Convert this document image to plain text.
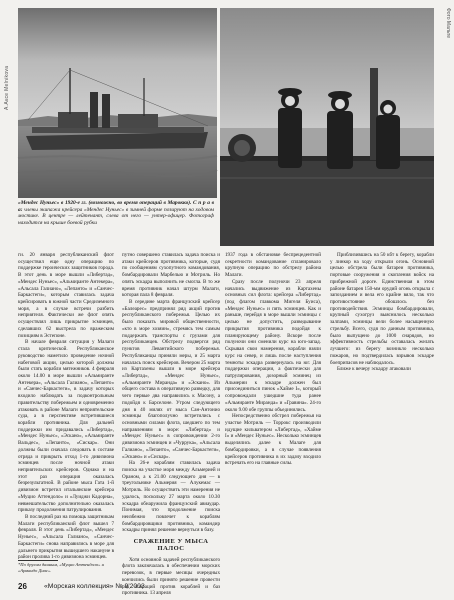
А.Аксе Melnikova
Фото Мальте
«Мендес Нуньес» в 1920-е гг. (возможно, во время операций в Марокко). С п р а в а: члены экипажа крейсера «Мендес Нуньес» в зимней форме позируют на ходовом мостике. В центре — лейтенант, слева от него — унтер-офицер. Фотограф находится на крыше боевой рубки

ги. 20 января республиканский флот осуществил еще одну операцию по поддержке героических защитников города. В этот день в море вышли «Либертад», «Мендес Нуньес», «Альмиранте Антекера», «Альсала Галиано», «Лепанто» и «Санчес-Баркастеги», которым ставилась задача крейсировать в южной части Средиземного моря, а в случае встречи разбить неприятеля. Фактически же флот опять осуществлял лишь прикрытие эсминцев, сделавших 62 выстрела по вражеским позициям в Эстепоне.

В начале февраля ситуация у Малаги стала критической. Республиканское руководство наметило проведение ночной набеговой акции, целью которой должны были стать корабли мятежников. 4 февраля около 14.00 в море вышли «Альмиранте Антекера», «Альсала Галиано», «Лепанто» и «Санчес-Баркастеги», в задачу которых входило наблюдать за подконтрольным правительству побережьем и одновременно атаковать в районе Малаги неприятельские суда, а в перспективе встретившиеся корабли противника. Для дальней поддержки им придавались «Либертад», «Мендес Нуньес», «Эскано», «Альмиранте Вальдес», «Лепанто», «Сискар». Они должны были сначала следовать в составе отряда и прикрыть отход 1-го дивизиона эсминцев после ночной атаки неприятельских крейсеров. Однако и на этот раз операция оказалась безрезультатной. В районе мыса Гата 1-й дивизион встретил итальянские крейсера «Муцио Аттендоло» и «Луиджи Кадорна», невмешательство дополнительно оказалась приказу продолжения патрулирования.

В последний раз на помощь защитникам Малаги республиканский флот вышел 7 февраля. В этот день «Либертад», «Мендес Нуньес», «Альсала Галиано», «Санчес-Баркастеги» снова направились в море для дальнего прикрытия вышедшего накануне в район пролива 1-го дивизиона эсминцев.

*По другим данным, «Муцио Аттендоло» и «Армандо Диас».

путно совершено ставилась задача поиска и атаки крейсеров противника, которые, судя по сообщениям сухопутного командования, бомбардировали Марбелью и Мотриль. Но опять эскадра выполнить не смогла. В то же время противник начал штурм Малаги, которая пала 8 февраля.

В середине марта французский крейсер «Балеарес» предпринял ряд акций против республиканского побережья. Целью их было показать мировой общественности, «кто в море хозяин», стремясь тем самым поддержать транспорты с грузами для республиканцев. Обстрелу подвергся ряд пунктов Левантийского побережья. Республиканцы приняли меры, и 25 марта началась поиск крейсеров. Вечером 25 марта из Картахены вышли в море крейсера «Либертад», «Мендес Нуньес», «Альмиранте Миранда» и «Эскано». Из общего состава в оперативную разведку, для чего первые два направились к Масону, а подойдя к Барселоне. Утром следующего дня в 40 милях от мыса Сан-Антонио эсминцы благополучно встретились с основными силами флота, шедшего по тем направлениям в море: «Либертад» и «Мендес Нуньес» в сопровождении 2-го дивизиона эсминцев и «Чуррука», «Альсала Галиано», «Лепанто», «Санчес-Баркастеги», «Эскано» и «Сискар».

На 26-е кораблям ставилась задача поиска на участке моря между Альмерией и Ораном, а к 21.00 следующего дня — в треугольнике Альмерия — Алукемас — Мотриль. Но осуществить эти намерения не удалось, поскольку 27 марта около 10.30 эскадра обнаружила французский авиаудар. Понимая, что продолжение поиска неизбежно повлечет к кораблям бомбардировщики противника, командир эскадры принял решение вернуться в базу.

СРАЖЕНИЕ У МЫСА ПАЛОС

Хотя основной задачей республиканского флота заключалась в обеспечении морских перевозок, в первые месяцы очередных кончились были принято решение провести ряд операций против кораблей и баз противника. 13 апреля

1937 года в обстановке беспрецедентной секретности командование спланировало крупную операцию по обстрелу района Малаги.

Сразу после полуночи 23 апреля начались выдвижение из Картахены основных сил флота: крейсера «Либертад» (под флагом главкома Мигеля Буиса), «Мендес Нуньес» и пять эсминцев. Как и раньше, перейдя в море вышли эсминцы с целью не допустить, разведывание прикрытия противника подойдя к планирующему району. Вскоре после полуночи они сменили курс на юго-запад. Скрывая свои намерения, корабли взяли курс на север, и лишь после наступления темноты эскадра развернулась на юг. Для поддержки операции, а фактически для патрулирования, дозорный эсминец из Альмерии к эскадре должен был присоединиться пинок «Хайме I», который сопровождали ушедшие туда ранее «Альмиранте Миранда» и «Гравина». 24-го около 9.00 обе группы объединились.

Непосредственно обстрел побережья на участке Мотриль — Торрокс производили идущие кильватером «Либертад», «Хайме I» и «Мендес Нуньес». Несколько эсминцев выделялись далее к Малаге для бомбардировки, а в случае появления крейсеров противника в их задачу входило встречать его на главные силы.

Приблизившись на 50 кбт к берегу, корабли у линкор на ходу открыли огонь. Основной целью обстрела были батареи противника, портовые сооружения и скопления войск на прибрежной дороге. Единственная в этом районе батарея 150-мм орудий огонь открыла с запозданием и вела его крайне вяло, так что противостояние обошлось без противодействия. Эсминцы бомбардировали, крупный сухогруз выяснилось несколько залпами, эсминцы вели более насыщенную стрельбу. Всего, судя по данным противника, было выпущено до 1000 снарядов, но эффективность стрельбы оставалась желать лучшего: из берегу возникло несколько пожаров, но подтвердилась взрывов эскадре боеприпасов не наблюдалось.

Ближе к вечеру эскадру атаковали

26	«Морская коллекция» № 9'2003
